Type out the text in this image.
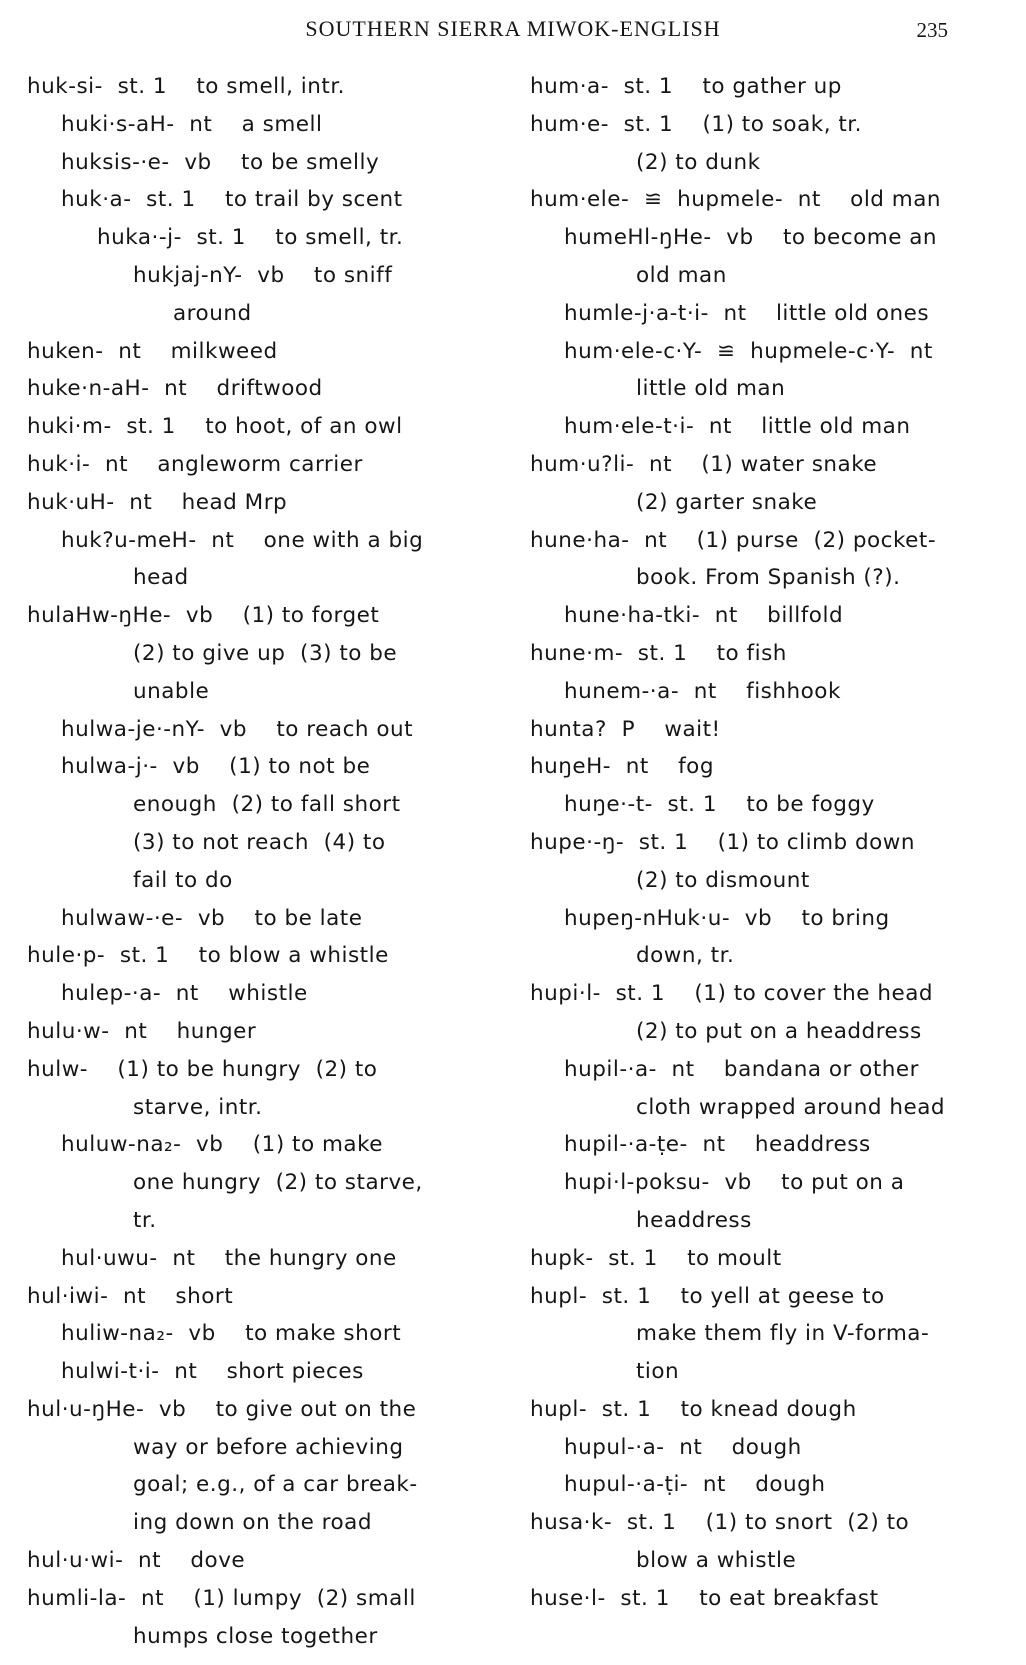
SOUTHERN SIERRA MIWOK-ENGLISH	235
huk-si-  st. 1    to smell, intr.
huki·s-aH-  nt    a smell
huksis-·e-  vb    to be smelly
huk·a-  st. 1    to trail by scent
huka·-j-  st. 1    to smell, tr.
hukjaj-nY-  vb    to sniff
around
huken-  nt    milkweed
huke·n-aH-  nt    driftwood
huki·m-  st. 1    to hoot, of an owl
huk·i-  nt    angleworm carrier
huk·uH-  nt    head Mrp
huk?u-meH-  nt    one with a big
head
hulaHw-ŋHe-  vb    (1) to forget
(2) to give up  (3) to be
unable
hulwa-je·-nY-  vb    to reach out
hulwa-j·-  vb    (1) to not be
enough  (2) to fall short
(3) to not reach  (4) to
fail to do
hulwaw-·e-  vb    to be late
hule·p-  st. 1    to blow a whistle
hulep-·a-  nt    whistle
hulu·w-  nt    hunger
hulw-    (1) to be hungry  (2) to
starve, intr.
huluw-na₂-  vb    (1) to make
one hungry  (2) to starve,
tr.
hul·uwu-  nt    the hungry one
hul·iwi-  nt    short
huliw-na₂-  vb    to make short
hulwi-t·i-  nt    short pieces
hul·u-ŋHe-  vb    to give out on the
way or before achieving
goal; e.g., of a car break-
ing down on the road
hul·u·wi-  nt    dove
humli-la-  nt    (1) lumpy  (2) small
humps close together
hum·a-  st. 1    to gather up
hum·e-  st. 1    (1) to soak, tr.
(2) to dunk
hum·ele-  ≌  hupmele-  nt    old man
humeHl-ŋHe-  vb    to become an
old man
humle-j·a-t·i-  nt    little old ones
hum·ele-c·Y-  ≌  hupmele-c·Y-  nt
little old man
hum·ele-t·i-  nt    little old man
hum·u?li-  nt    (1) water snake
(2) garter snake
hune·ha-  nt    (1) purse  (2) pocket-
book. From Spanish (?).
hune·ha-tki-  nt    billfold
hune·m-  st. 1    to fish
hunem-·a-  nt    fishhook
hunta?  P    wait!
huŋeH-  nt    fog
huŋe·-t-  st. 1    to be foggy
hupe·-ŋ-  st. 1    (1) to climb down
(2) to dismount
hupeŋ-nHuk·u-  vb    to bring
down, tr.
hupi·l-  st. 1    (1) to cover the head
(2) to put on a headdress
hupil-·a-  nt    bandana or other
cloth wrapped around head
hupil-·a-ṭe-  nt    headdress
hupi·l-poksu-  vb    to put on a
headdress
hupk-  st. 1    to moult
hupl-  st. 1    to yell at geese to
make them fly in V-forma-
tion
hupl-  st. 1    to knead dough
hupul-·a-  nt    dough
hupul-·a-ṭi-  nt    dough
husa·k-  st. 1    (1) to snort  (2) to
blow a whistle
huse·l-  st. 1    to eat breakfast
